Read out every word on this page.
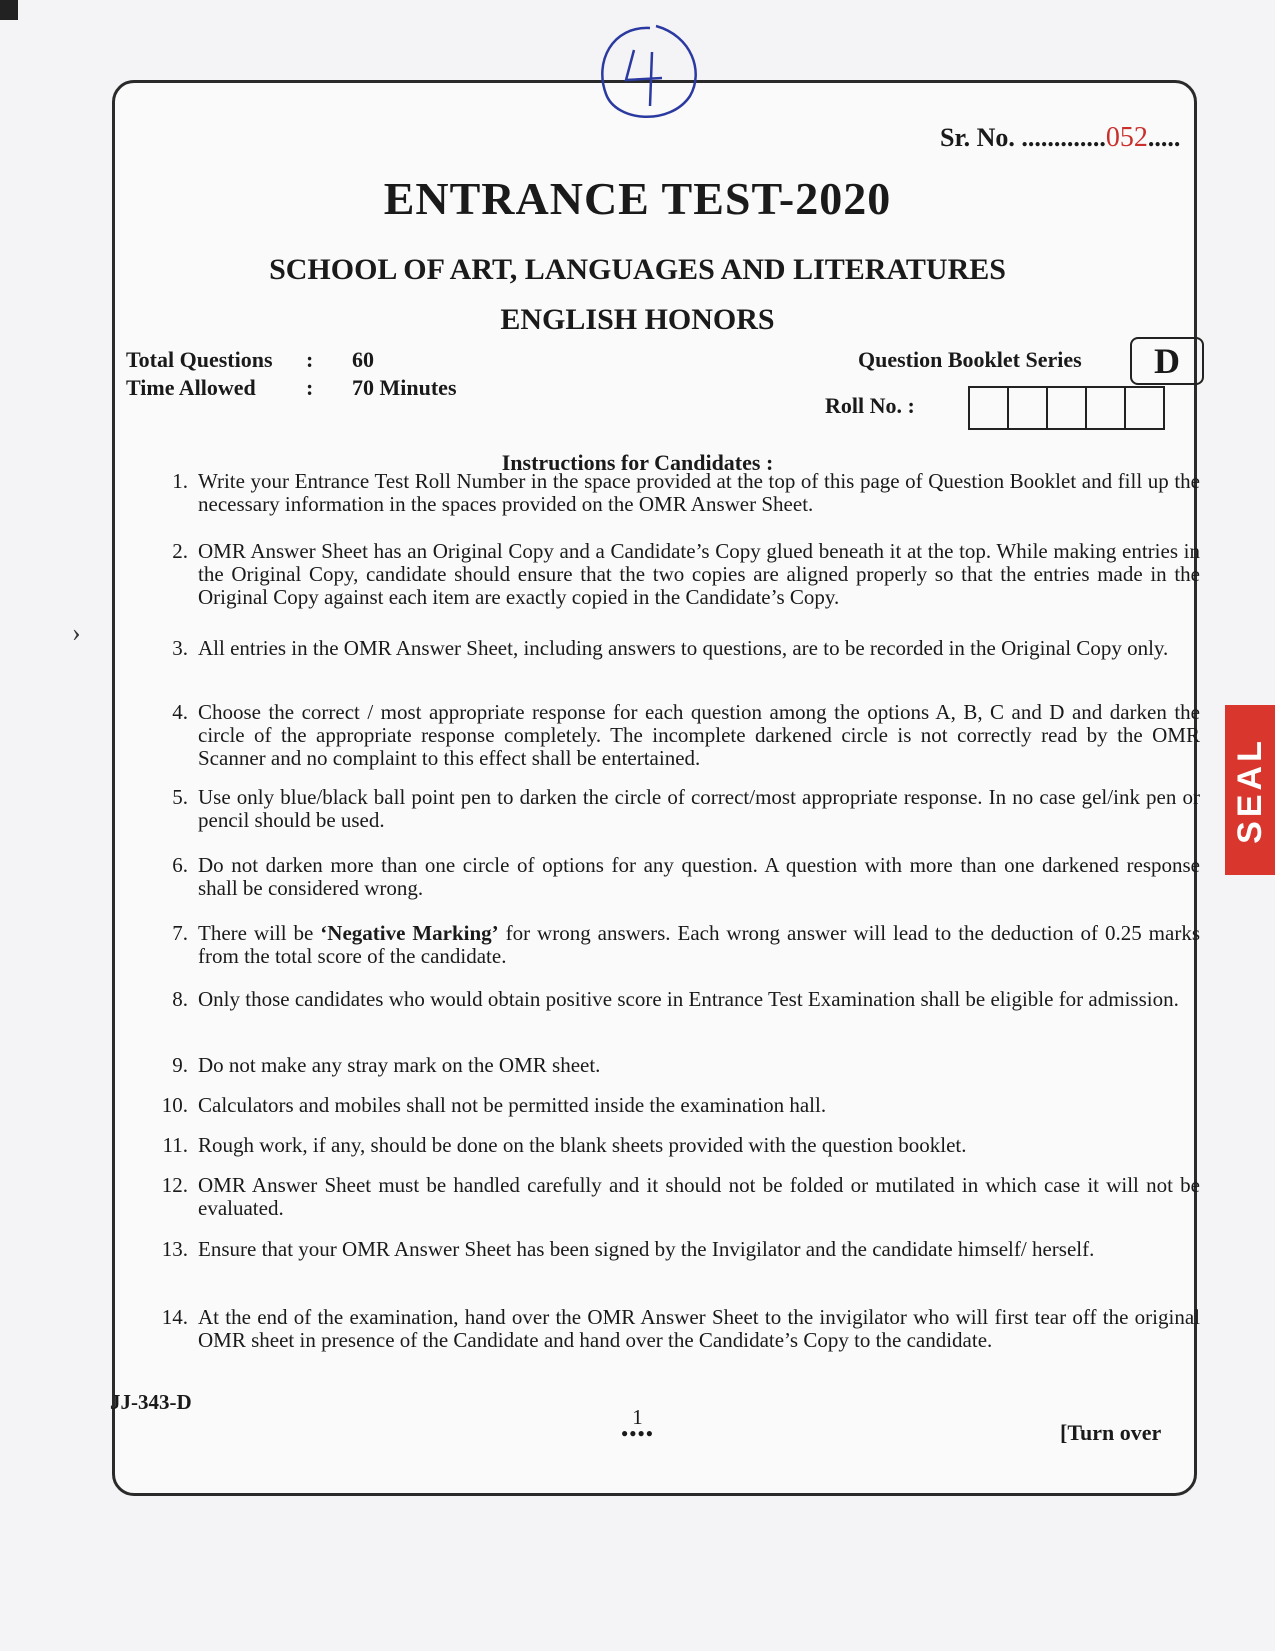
Sr. No. .............052.....
ENTRANCE TEST-2020
SCHOOL OF ART, LANGUAGES AND LITERATURES
ENGLISH HONORS
Total Questions : 60
Time Allowed : 70 Minutes
Question Booklet Series	D
Roll No. :
Instructions for Candidates :
1. Write your Entrance Test Roll Number in the space provided at the top of this page of Question Booklet and fill up the necessary information in the spaces provided on the OMR Answer Sheet.
2. OMR Answer Sheet has an Original Copy and a Candidate’s Copy glued beneath it at the top. While making entries in the Original Copy, candidate should ensure that the two copies are aligned properly so that the entries made in the Original Copy against each item are exactly copied in the Candidate’s Copy.
3. All entries in the OMR Answer Sheet, including answers to questions, are to be recorded in the Original Copy only.
4. Choose the correct / most appropriate response for each question among the options A, B, C and D and darken the circle of the appropriate response completely. The incomplete darkened circle is not correctly read by the OMR Scanner and no complaint to this effect shall be entertained.
5. Use only blue/black ball point pen to darken the circle of correct/most appropriate response. In no case gel/ink pen or pencil should be used.
6. Do not darken more than one circle of options for any question. A question with more than one darkened response shall be considered wrong.
7. There will be ‘Negative Marking’ for wrong answers. Each wrong answer will lead to the deduction of 0.25 marks from the total score of the candidate.
8. Only those candidates who would obtain positive score in Entrance Test Examination shall be eligible for admission.
9. Do not make any stray mark on the OMR sheet.
10. Calculators and mobiles shall not be permitted inside the examination hall.
11. Rough work, if any, should be done on the blank sheets provided with the question booklet.
12. OMR Answer Sheet must be handled carefully and it should not be folded or mutilated in which case it will not be evaluated.
13. Ensure that your OMR Answer Sheet has been signed by the Invigilator and the candidate himself/ herself.
14. At the end of the examination, hand over the OMR Answer Sheet to the invigilator who will first tear off the original OMR sheet in presence of the Candidate and hand over the Candidate’s Copy to the candidate.
JJ-343-D
1
●●●●	[Turn over
SEAL
›
